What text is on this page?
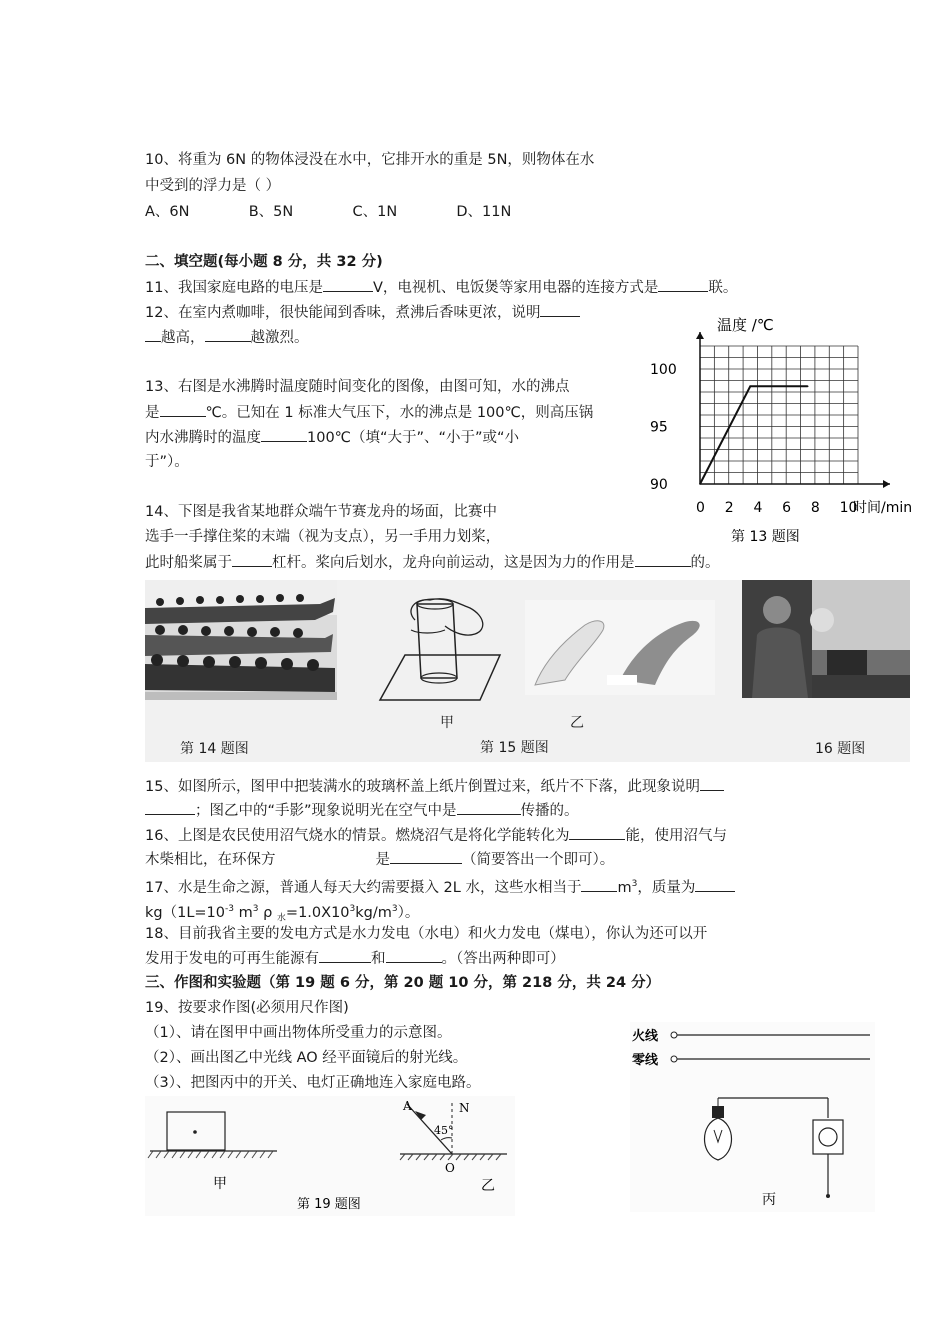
10、将重为 6N 的物体浸没在水中，它排开水的重是 5N，则物体在水
中受到的浮力是（ ）
A、6N	B、5N	C、1N	D、11N
二、填空题(每小题 8 分，共 32 分)
11、我国家庭电路的电压是	V，电视机、电饭煲等家用电器的连接方式是	联。
12、在室内煮咖啡，很快能闻到香味，煮沸后香味更浓，说明
越高，	越激烈。
13、右图是水沸腾时温度随时间变化的图像，由图可知，水的沸点
是	℃。已知在 1 标准大气压下，水的沸点是 100℃，则高压锅
内水沸腾时的温度	100℃（填“大于”、“小于”或“小
于”）。
0 2 4 6 8 10
90
95
100
温度 /℃
时间/min
第 13 题图
14、下图是我省某地群众端午节赛龙舟的场面，比赛中
选手一手撑住桨的末端（视为支点），另一手用力划桨，
此时船桨属于	杠杆。桨向后划水，龙舟向前运动，这是因为力的作用是	的。
第 14 题图
甲	乙
第 15 题图	16 题图
15、如图所示，图甲中把装满水的玻璃杯盖上纸片倒置过来，纸片不下落，此现象说明
；图乙中的“手影”现象说明光在空气中是	传播的。
16、上图是农民使用沼气烧水的情景。燃烧沼气是将化学能转化为	能，使用沼气与
木柴相比，在环保方	是	（简要答出一个即可）。
17、水是生命之源，普通人每天大约需要摄入 2L 水，这些水相当于 $m^3$，质量为
$kg(1L=10^{-3}$ $m^3$ ρ $_水=1.0X10^3kg/m^3$）。
18、目前我省主要的发电方式是水力发电（水电）和火力发电（煤电），你认为还可以开
发用于发电的可再生能源有	和	。（答出两种即可）
三、作图和实验题（第 19 题 6 分，第 20 题 10 分，第 218 分，共 24 分）
19、按要求作图(必须用尺作图)
（1）、请在图甲中画出物体所受重力的示意图。
（2）、画出图乙中光线 AO 经平面镜后的射光线。
（3）、把图丙中的开关、电灯正确地连入家庭电路。
甲
A	N
45°
O
乙
第 19 题图
火线
零线
丙
